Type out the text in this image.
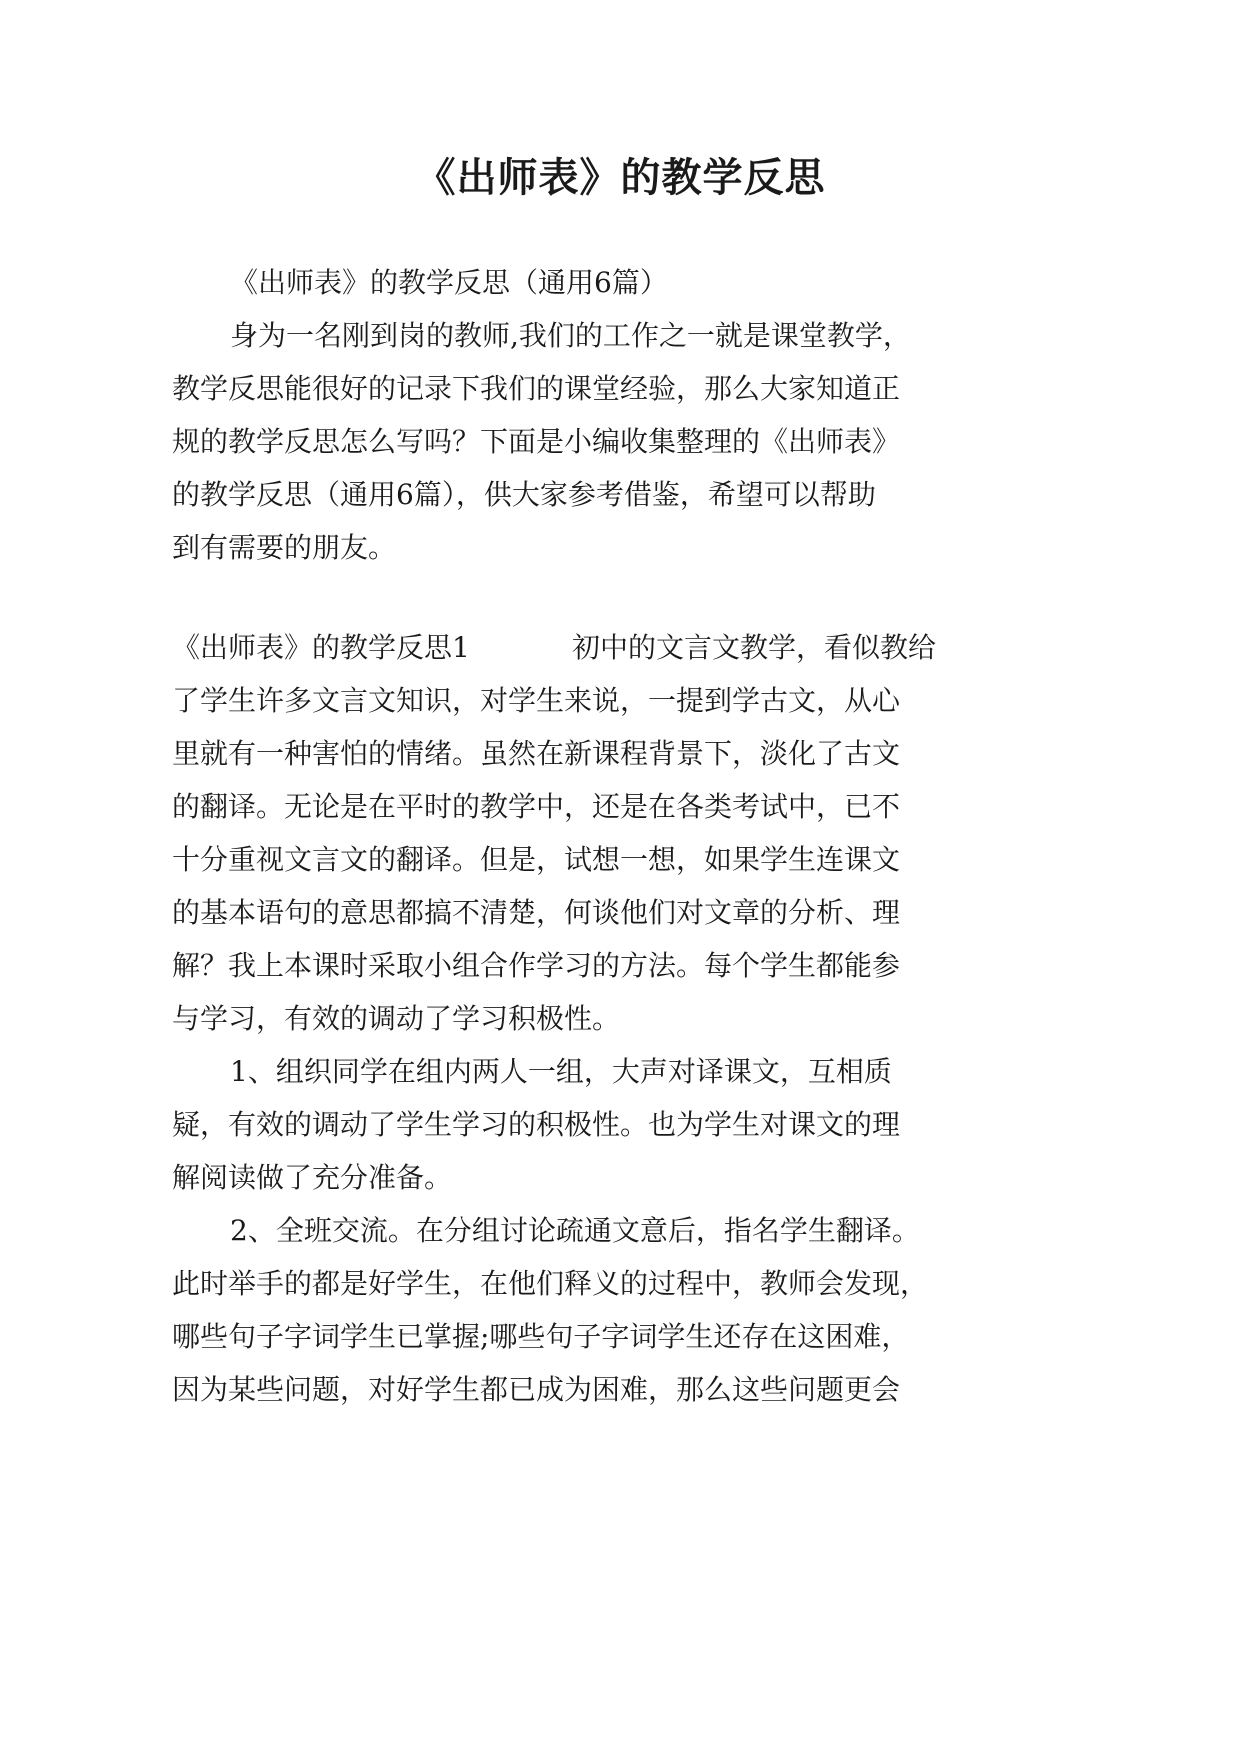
《出师表》的教学反思

《出师表》的教学反思（通用6篇）

身为一名刚到岗的教师,我们的工作之一就是课堂教学，

教学反思能很好的记录下我们的课堂经验，那么大家知道正

规的教学反思怎么写吗？下面是小编收集整理的《出师表》

的教学反思（通用6篇），供大家参考借鉴，希望可以帮助

到有需要的朋友。

《出师表》的教学反思1	初中的文言文教学，看似教给

了学生许多文言文知识，对学生来说，一提到学古文，从心

里就有一种害怕的情绪。虽然在新课程背景下，淡化了古文

的翻译。无论是在平时的教学中，还是在各类考试中，已不

十分重视文言文的翻译。但是，试想一想，如果学生连课文

的基本语句的意思都搞不清楚，何谈他们对文章的分析、理

解？我上本课时采取小组合作学习的方法。每个学生都能参

与学习，有效的调动了学习积极性。

1、组织同学在组内两人一组，大声对译课文，互相质

疑，有效的调动了学生学习的积极性。也为学生对课文的理

解阅读做了充分准备。

2、全班交流。在分组讨论疏通文意后，指名学生翻译。

此时举手的都是好学生，在他们释义的过程中，教师会发现，

哪些句子字词学生已掌握;哪些句子字词学生还存在这困难，

因为某些问题，对好学生都已成为困难，那么这些问题更会
